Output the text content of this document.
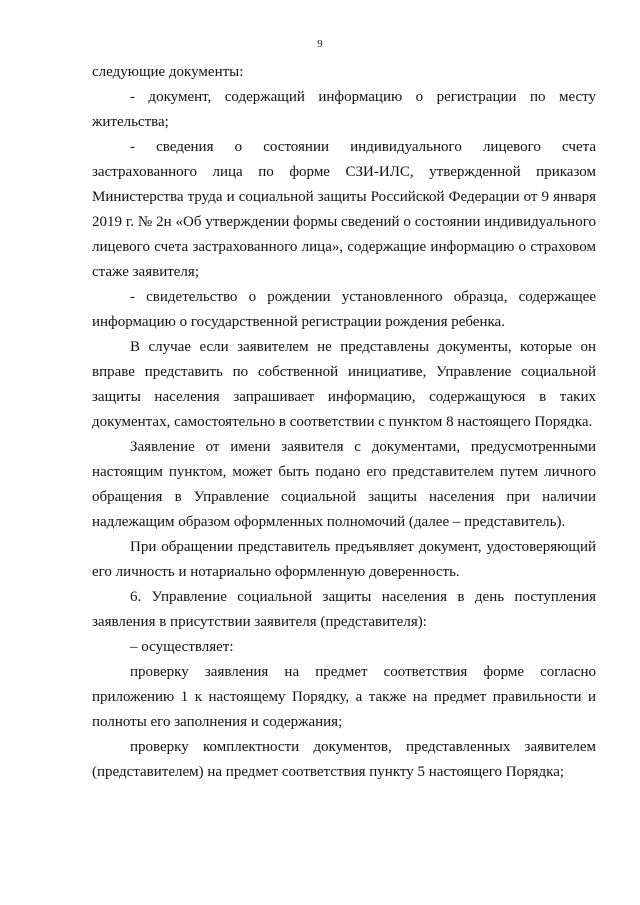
9

следующие документы:

- документ, содержащий информацию о регистрации по месту жительства;

- сведения о состоянии индивидуального лицевого счета застрахованного лица по форме СЗИ-ИЛС, утвержденной приказом Министерства труда и социальной защиты Российской Федерации от 9 января 2019 г. № 2н «Об утверждении формы сведений о состоянии индивидуального лицевого счета застрахованного лица», содержащие информацию о страховом стаже заявителя;

- свидетельство о рождении установленного образца, содержащее информацию о государственной регистрации рождения ребенка.

В случае если заявителем не представлены документы, которые он вправе представить по собственной инициативе, Управление социальной защиты населения запрашивает информацию, содержащуюся в таких документах, самостоятельно в соответствии с пунктом 8 настоящего Порядка.

Заявление от имени заявителя с документами, предусмотренными настоящим пунктом, может быть подано его представителем путем личного обращения в Управление социальной защиты населения при наличии надлежащим образом оформленных полномочий (далее – представитель).

При обращении представитель предъявляет документ, удостоверяющий его личность и нотариально оформленную доверенность.

6. Управление социальной защиты населения в день поступления заявления в присутствии заявителя (представителя):

– осуществляет:

проверку заявления на предмет соответствия форме согласно приложению 1 к настоящему Порядку, а также на предмет правильности и полноты его заполнения и содержания;

проверку комплектности документов, представленных заявителем (представителем) на предмет соответствия пункту 5 настоящего Порядка;
